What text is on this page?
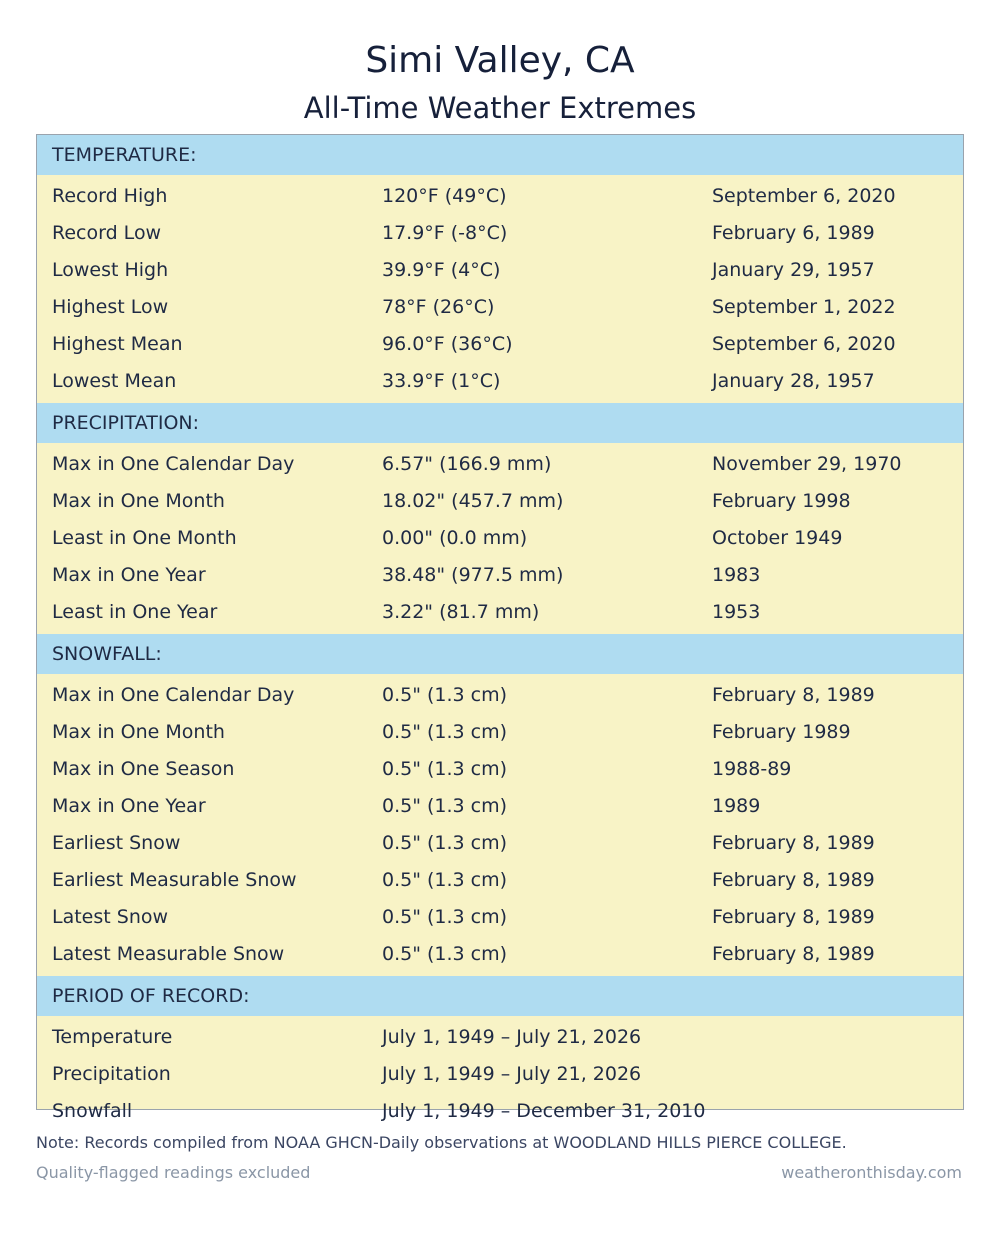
Simi Valley, CA
All-Time Weather Extremes
TEMPERATURE:
Record High	120°F (49°C)	September 6, 2020
Record Low	17.9°F (-8°C)	February 6, 1989
Lowest High	39.9°F (4°C)	January 29, 1957
Highest Low	78°F (26°C)	September 1, 2022
Highest Mean	96.0°F (36°C)	September 6, 2020
Lowest Mean	33.9°F (1°C)	January 28, 1957
PRECIPITATION:
Max in One Calendar Day	6.57" (166.9 mm)	November 29, 1970
Max in One Month	18.02" (457.7 mm)	February 1998
Least in One Month	0.00" (0.0 mm)	October 1949
Max in One Year	38.48" (977.5 mm)	1983
Least in One Year	3.22" (81.7 mm)	1953
SNOWFALL:
Max in One Calendar Day	0.5" (1.3 cm)	February 8, 1989
Max in One Month	0.5" (1.3 cm)	February 1989
Max in One Season	0.5" (1.3 cm)	1988-89
Max in One Year	0.5" (1.3 cm)	1989
Earliest Snow	0.5" (1.3 cm)	February 8, 1989
Earliest Measurable Snow	0.5" (1.3 cm)	February 8, 1989
Latest Snow	0.5" (1.3 cm)	February 8, 1989
Latest Measurable Snow	0.5" (1.3 cm)	February 8, 1989
PERIOD OF RECORD:
Temperature	July 1, 1949 – July 21, 2026
Precipitation	July 1, 1949 – July 21, 2026
Snowfall	July 1, 1949 – December 31, 2010
Note: Records compiled from NOAA GHCN-Daily observations at WOODLAND HILLS PIERCE COLLEGE.
Quality-flagged readings excluded	weatheronthisday.com
